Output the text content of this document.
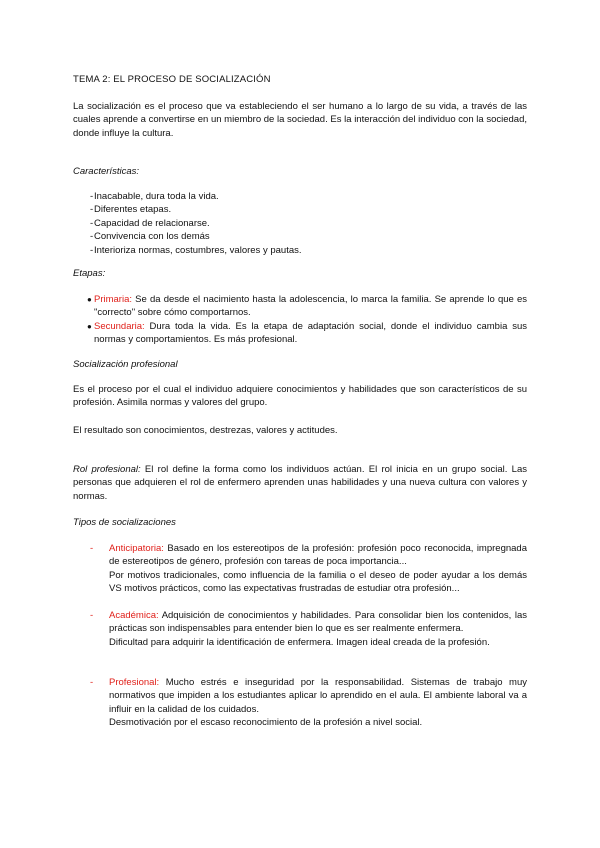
TEMA 2: EL PROCESO DE SOCIALIZACIÓN

La socialización es el proceso que va estableciendo el ser humano a lo largo de su vida, a través de las cuales aprende a convertirse en un miembro de la sociedad. Es la interacción del individuo con la sociedad, donde influye la cultura.

Características:

- Inacabable, dura toda la vida.
- Diferentes etapas.
- Capacidad de relacionarse.
- Convivencia con los demás
- Interioriza normas, costumbres, valores y pautas.

Etapas:

● Primaria: Se da desde el nacimiento hasta la adolescencia, lo marca la familia. Se aprende lo que es "correcto" sobre cómo comportarnos.
● Secundaria: Dura toda la vida. Es la etapa de adaptación social, donde el individuo cambia sus normas y comportamientos. Es más profesional.

Socialización profesional

Es el proceso por el cual el individuo adquiere conocimientos y habilidades que son característicos de su profesión. Asimila normas y valores del grupo.

El resultado son conocimientos, destrezas, valores y actitudes.

Rol profesional: El rol define la forma como los individuos actúan. El rol inicia en un grupo social. Las personas que adquieren el rol de enfermero aprenden unas habilidades y una nueva cultura con valores y normas.

Tipos de socializaciones

- Anticipatoria: Basado en los estereotipos de la profesión: profesión poco reconocida, impregnada de estereotipos de género, profesión con tareas de poca importancia...
Por motivos tradicionales, como influencia de la familia o el deseo de poder ayudar a los demás VS motivos prácticos, como las expectativas frustradas de estudiar otra profesión...
- Académica: Adquisición de conocimientos y habilidades. Para consolidar bien los contenidos, las prácticas son indispensables para entender bien lo que es ser realmente enfermera.
Dificultad para adquirir la identificación de enfermera. Imagen ideal creada de la profesión.
- Profesional: Mucho estrés e inseguridad por la responsabilidad. Sistemas de trabajo muy normativos que impiden a los estudiantes aplicar lo aprendido en el aula. El ambiente laboral va a influir en la calidad de los cuidados.
Desmotivación por el escaso reconocimiento de la profesión a nivel social.
